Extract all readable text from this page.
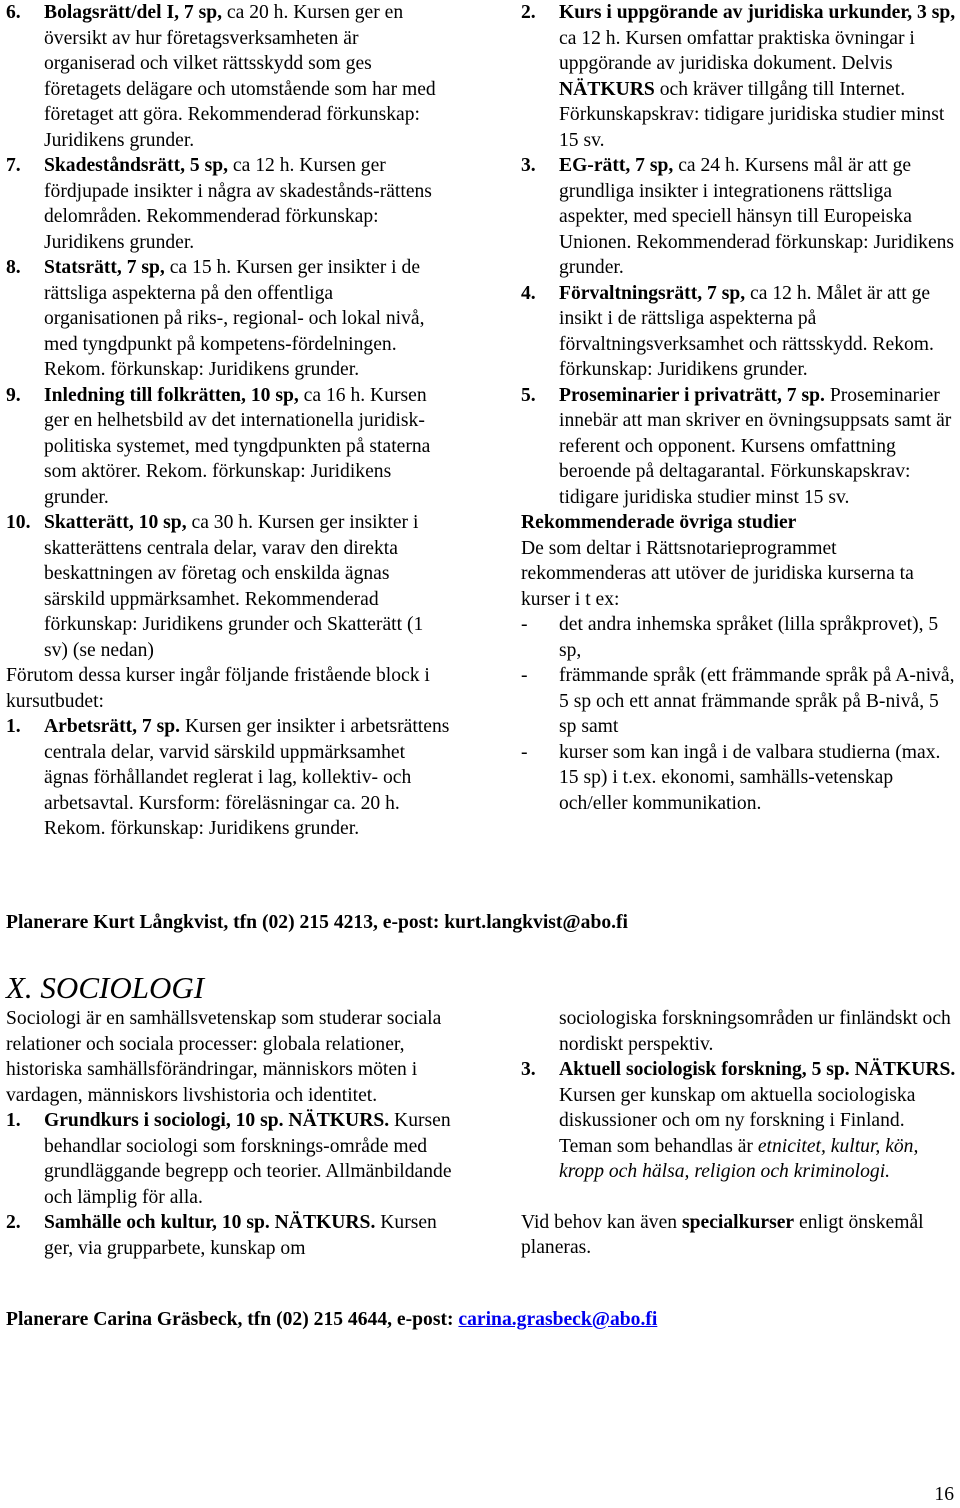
6.	Bolagsrätt/del I, 7 sp, ca 20 h. Kursen ger en översikt av hur företagsverksamheten är organiserad och vilket rättsskydd som ges företagets delägare och utomstående som har med företaget att göra. Rekommenderad förkunskap: Juridikens grunder.
7.	Skadeståndsrätt, 5 sp, ca 12 h. Kursen ger fördjupade insikter i några av skadestånds-rättens delområden. Rekommenderad förkunskap: Juridikens grunder.
8.	Statsrätt, 7 sp, ca 15 h. Kursen ger insikter i de rättsliga aspekterna på den offentliga organisationen på riks-, regional- och lokal nivå, med tyngdpunkt på kompetens-fördelningen. Rekom. förkunskap: Juridikens grunder.
9.	Inledning till folkrätten, 10 sp, ca 16 h. Kursen ger en helhetsbild av det internationella juridisk-politiska systemet, med tyngdpunkten på staterna som aktörer. Rekom. förkunskap: Juridikens grunder.
10. Skatterätt, 10 sp, ca 30 h. Kursen ger insikter i skatterättens centrala delar, varav den direkta beskattningen av företag och enskilda ägnas särskild uppmärksamhet. Rekommenderad förkunskap: Juridikens grunder och Skatterätt (1 sv) (se nedan)

Förutom dessa kurser ingår följande fristående block i kursutbudet:

1.	Arbetsrätt, 7 sp. Kursen ger insikter i arbetsrättens centrala delar, varvid särskild uppmärksamhet ägnas förhållandet reglerat i lag, kollektiv- och arbetsavtal. Kursform: föreläsningar ca. 20 h. Rekom. förkunskap: Juridikens grunder.
2.	Kurs i uppgörande av juridiska urkunder, 3 sp, ca 12 h. Kursen omfattar praktiska övningar i uppgörande av juridiska dokument. Delvis NÄTKURS och kräver tillgång till Internet. Förkunskapskrav: tidigare juridiska studier minst 15 sv.
3.	EG-rätt, 7 sp, ca 24 h. Kursens mål är att ge grundliga insikter i integrationens rättsliga aspekter, med speciell hänsyn till Europeiska Unionen. Rekommenderad förkunskap: Juridikens grunder.
4.	Förvaltningsrätt, 7 sp, ca 12 h. Målet är att ge insikt i de rättsliga aspekterna på förvaltningsverksamhet och rättsskydd. Rekom. förkunskap: Juridikens grunder.
5.	Proseminarier i privaträtt, 7 sp. Proseminarier innebär att man skriver en övningsuppsats samt är referent och opponent. Kursens omfattning beroende på deltagarantal. Förkunskapskrav: tidigare juridiska studier minst 15 sv.

Rekommenderade övriga studier

De som deltar i Rättsnotarieprogrammet rekommenderas att utöver de juridiska kurserna ta kurser i t ex:

-	det andra inhemska språket (lilla språkprovet), 5 sp,
-	främmande språk (ett främmande språk på A-nivå, 5 sp och ett annat främmande språk på B-nivå, 5 sp samt
-	kurser som kan ingå i de valbara studierna (max. 15 sp) i t.ex. ekonomi, samhälls-vetenskap och/eller kommunikation.
Planerare Kurt Långkvist, tfn (02) 215 4213, e-post: kurt.langkvist@abo.fi
X. SOCIOLOGI

Sociologi är en samhällsvetenskap som studerar sociala relationer och sociala processer: globala relationer, historiska samhällsförändringar, människors möten i vardagen, människors livshistoria och identitet.

1.	Grundkurs i sociologi, 10 sp. NÄTKURS. Kursen behandlar sociologi som forsknings-område med grundläggande begrepp och teorier. Allmänbildande och lämplig för alla.
2.	Samhälle och kultur, 10 sp. NÄTKURS. Kursen ger, via grupparbete, kunskap om
sociologiska forskningsområden ur finländskt och nordiskt perspektiv.
3.	Aktuell sociologisk forskning, 5 sp. NÄTKURS. Kursen ger kunskap om aktuella sociologiska diskussioner och om ny forskning i Finland. Teman som behandlas är etnicitet, kultur, kön, kropp och hälsa, religion och kriminologi.

Vid behov kan även specialkurser enligt önskemål planeras.

Planerare Carina Gräsbeck, tfn (02) 215 4644, e-post: carina.grasbeck@abo.fi
16
